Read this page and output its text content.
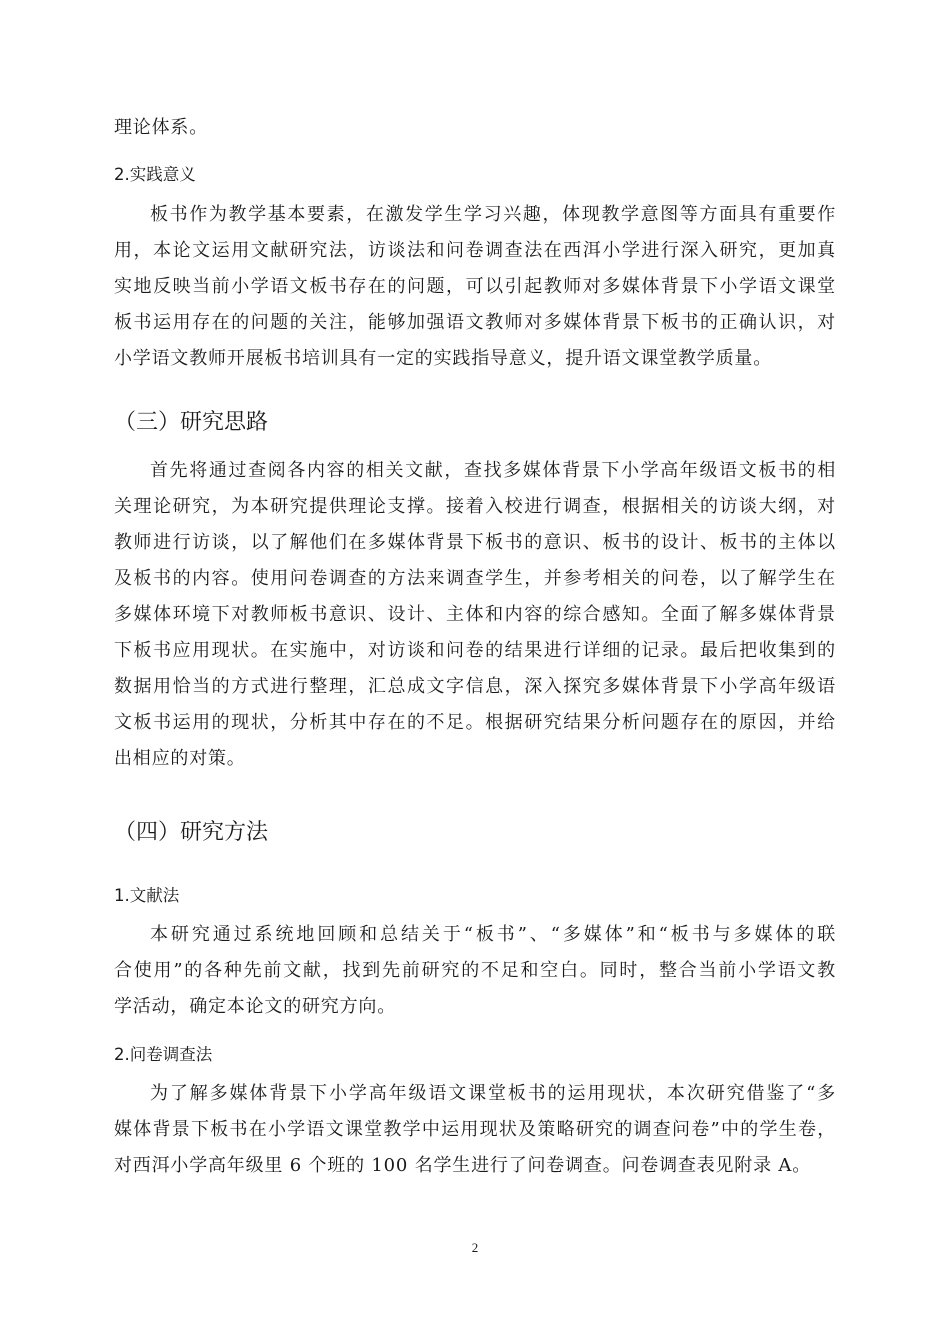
理论体系。

2.实践意义

板书作为教学基本要素，在激发学生学习兴趣，体现教学意图等方面具有重要作

用，本论文运用文献研究法，访谈法和问卷调查法在西洱小学进行深入研究，更加真

实地反映当前小学语文板书存在的问题，可以引起教师对多媒体背景下小学语文课堂

板书运用存在的问题的关注，能够加强语文教师对多媒体背景下板书的正确认识，对

小学语文教师开展板书培训具有一定的实践指导意义，提升语文课堂教学质量。

（三）研究思路

首先将通过查阅各内容的相关文献，查找多媒体背景下小学高年级语文板书的相

关理论研究，为本研究提供理论支撑。接着入校进行调查，根据相关的访谈大纲，对

教师进行访谈，以了解他们在多媒体背景下板书的意识、板书的设计、板书的主体以

及板书的内容。使用问卷调查的方法来调查学生，并参考相关的问卷，以了解学生在

多媒体环境下对教师板书意识、设计、主体和内容的综合感知。全面了解多媒体背景

下板书应用现状。在实施中，对访谈和问卷的结果进行详细的记录。最后把收集到的

数据用恰当的方式进行整理，汇总成文字信息，深入探究多媒体背景下小学高年级语

文板书运用的现状，分析其中存在的不足。根据研究结果分析问题存在的原因，并给

出相应的对策。

（四）研究方法

1.文献法

本研究通过系统地回顾和总结关于“板书”、“多媒体”和“板书与多媒体的联

合使用”的各种先前文献，找到先前研究的不足和空白。同时，整合当前小学语文教

学活动，确定本论文的研究方向。

2.问卷调查法

为了解多媒体背景下小学高年级语文课堂板书的运用现状，本次研究借鉴了“多

媒体背景下板书在小学语文课堂教学中运用现状及策略研究的调查问卷”中的学生卷，

对西洱小学高年级里 6 个班的 100 名学生进行了问卷调查。问卷调查表见附录 A。

2
